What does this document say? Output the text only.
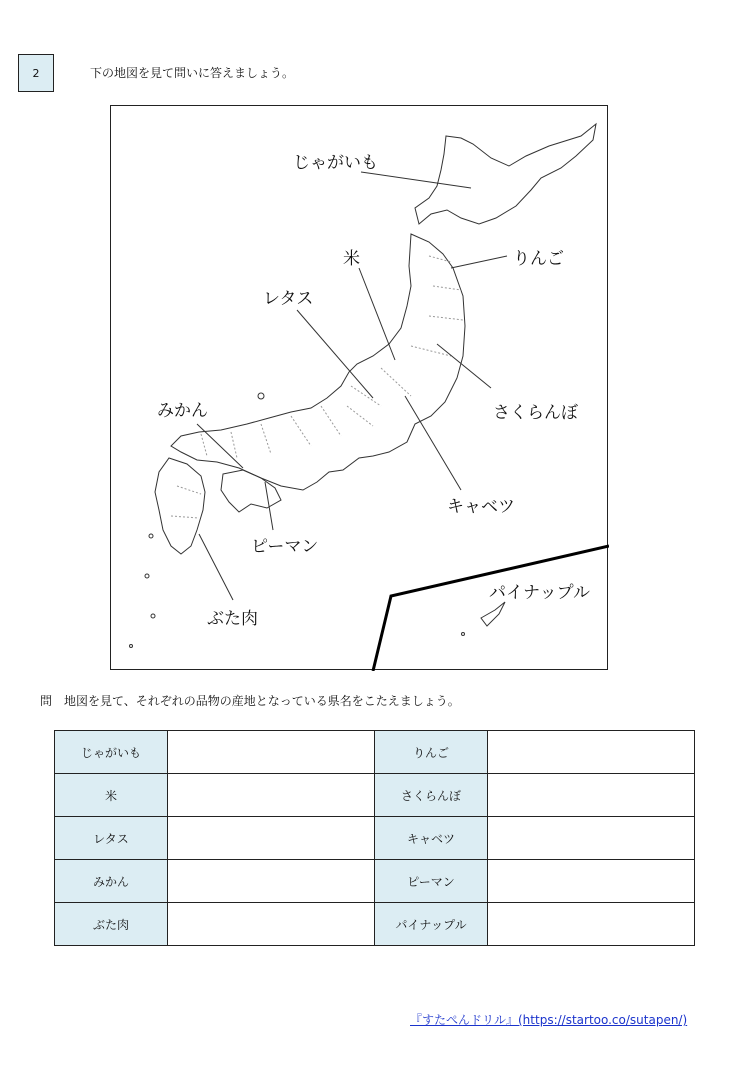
2	下の地図を見て問いに答えましょう。
じゃがいも
米	りんご
レタス
さくらんぼ
みかん
キャベツ
ピーマン
ぶた肉
パイナップル
問　地図を見て、それぞれの品物の産地となっている県名をこたえましょう。
じゃがいも		りんご	
米		さくらんぼ	
レタス		キャベツ	
みかん		ピーマン	
ぶた肉		パイナップル	
『すたぺんドリル』(https://startoo.co/sutapen/)
